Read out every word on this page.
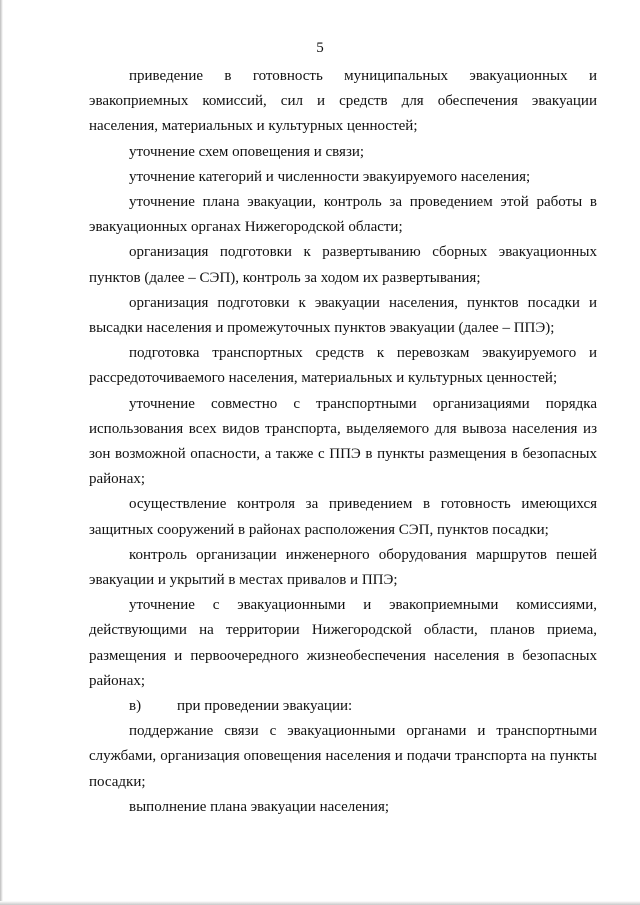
5

приведение в готовность муниципальных эвакуационных и эвакоприемных комиссий, сил и средств для обеспечения эвакуации населения, материальных и культурных ценностей;

уточнение схем оповещения и связи;

уточнение категорий и численности эвакуируемого населения;

уточнение плана эвакуации, контроль за проведением этой работы в эвакуационных органах Нижегородской области;

организация подготовки к развертыванию сборных эвакуационных пунктов (далее – СЭП), контроль за ходом их развертывания;

организация подготовки к эвакуации населения, пунктов посадки и высадки населения и промежуточных пунктов эвакуации (далее – ППЭ);

подготовка транспортных средств к перевозкам эвакуируемого и рассредоточиваемого населения, материальных и культурных ценностей;

уточнение совместно с транспортными организациями порядка использования всех видов транспорта, выделяемого для вывоза населения из зон возможной опасности, а также с ППЭ в пункты размещения в безопасных районах;

осуществление контроля за приведением в готовность имеющихся защитных сооружений в районах расположения СЭП, пунктов посадки;

контроль организации инженерного оборудования маршрутов пешей эвакуации и укрытий в местах привалов и ППЭ;

уточнение с эвакуационными и эвакоприемными комиссиями, действующими на территории Нижегородской области, планов приема, размещения и первоочередного жизнеобеспечения населения в безопасных районах;

в) при проведении эвакуации:

поддержание связи с эвакуационными органами и транспортными службами, организация оповещения населения и подачи транспорта на пункты посадки;

выполнение плана эвакуации населения;
